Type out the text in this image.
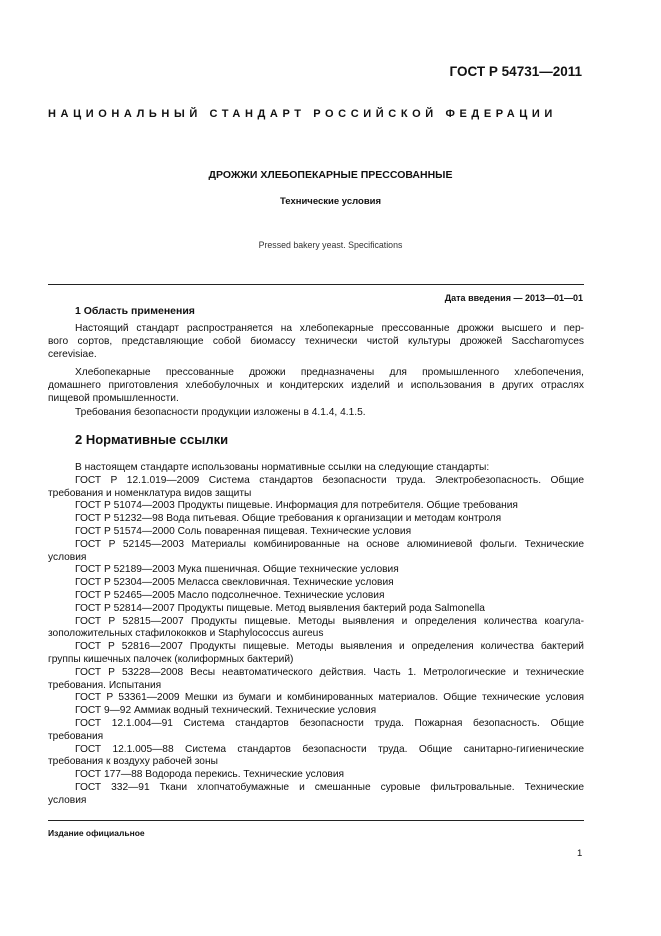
ГОСТ Р 54731—2011
НАЦИОНАЛЬНЫЙ СТАНДАРТ РОССИЙСКОЙ ФЕДЕРАЦИИ
ДРОЖЖИ ХЛЕБОПЕКАРНЫЕ ПРЕССОВАННЫЕ
Технические условия
Pressed bakery yeast. Specifications
Дата введения — 2013—01—01
1 Область применения
Настоящий стандарт распространяется на хлебопекарные прессованные дрожжи высшего и пер-
вого сортов, представляющие собой биомассу технически чистой культуры дрожжей Saccharomyces
cerevisiae.
Хлебопекарные прессованные дрожжи предназначены для промышленного хлебопечения,
домашнего приготовления хлебобулочных и кондитерских изделий и использования в других отраслях
пищевой промышленности.
Требования безопасности продукции изложены в 4.1.4, 4.1.5.
2 Нормативные ссылки
В настоящем стандарте использованы нормативные ссылки на следующие стандарты:
ГОСТ Р 12.1.019—2009 Система стандартов безопасности труда. Электробезопасность. Общие
требования и номенклатура видов защиты
ГОСТ Р 51074—2003 Продукты пищевые. Информация для потребителя. Общие требования
ГОСТ Р 51232—98 Вода питьевая. Общие требования к организации и методам контроля
ГОСТ Р 51574—2000 Соль поваренная пищевая. Технические условия
ГОСТ Р 52145—2003 Материалы комбинированные на основе алюминиевой фольги. Технические
условия
ГОСТ Р 52189—2003 Мука пшеничная. Общие технические условия
ГОСТ Р 52304—2005 Меласса свекловичная. Технические условия
ГОСТ Р 52465—2005 Масло подсолнечное. Технические условия
ГОСТ Р 52814—2007 Продукты пищевые. Метод выявления бактерий рода Salmonella
ГОСТ Р 52815—2007 Продукты пищевые. Методы выявления и определения количества коагула-
зоположительных стафилококков и Staphylococcus aureus
ГОСТ Р 52816—2007 Продукты пищевые. Методы выявления и определения количества бактерий
группы кишечных палочек (колиформных бактерий)
ГОСТ Р 53228—2008 Весы неавтоматического действия. Часть 1. Метрологические и технические
требования. Испытания
ГОСТ Р 53361—2009 Мешки из бумаги и комбинированных материалов. Общие технические условия
ГОСТ 9—92 Аммиак водный технический. Технические условия
ГОСТ 12.1.004—91 Система стандартов безопасности труда. Пожарная безопасность. Общие
требования
ГОСТ 12.1.005—88 Система стандартов безопасности труда. Общие санитарно-гигиенические
требования к воздуху рабочей зоны
ГОСТ 177—88 Водорода перекись. Технические условия
ГОСТ 332—91 Ткани хлопчатобумажные и смешанные суровые фильтровальные. Технические
условия
Издание официальное
1
